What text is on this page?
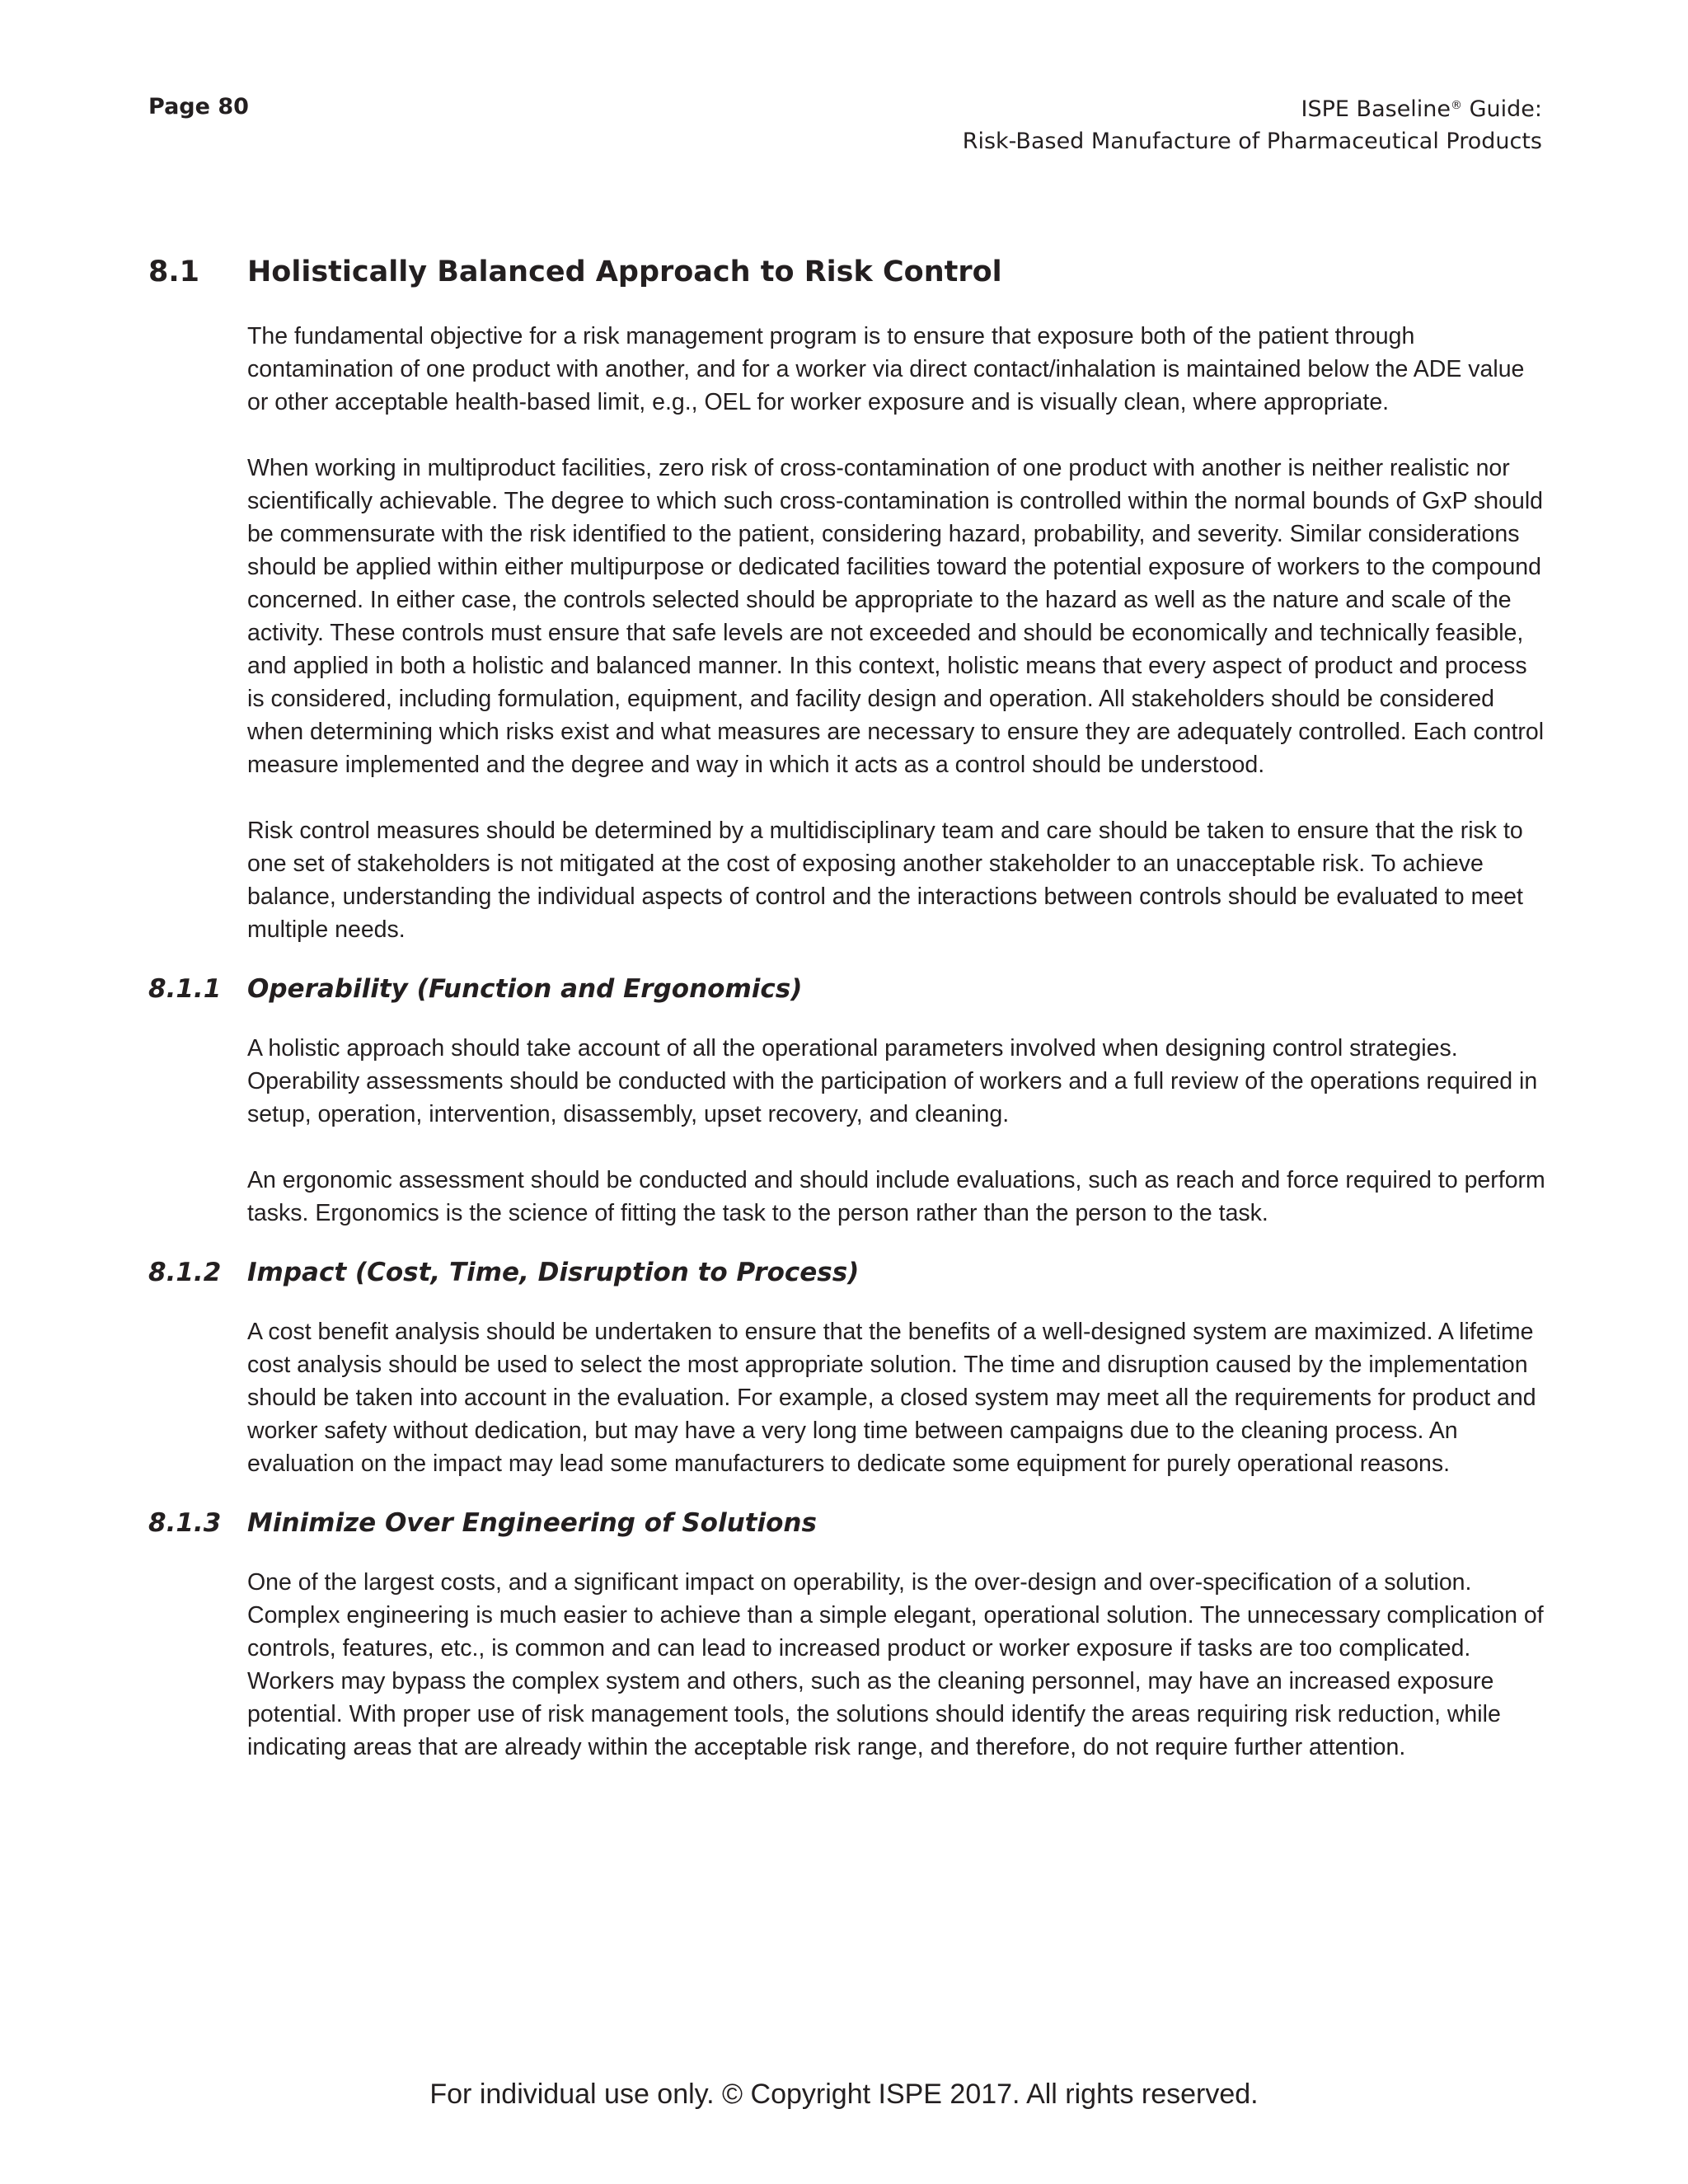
Page 80	ISPE Baseline® Guide:
Risk-Based Manufacture of Pharmaceutical Products
8.1	Holistically Balanced Approach to Risk Control

The fundamental objective for a risk management program is to ensure that exposure both of the patient through contamination of one product with another, and for a worker via direct contact/inhalation is maintained below the ADE value or other acceptable health-based limit, e.g., OEL for worker exposure and is visually clean, where appropriate.

When working in multiproduct facilities, zero risk of cross-contamination of one product with another is neither realistic nor scientifically achievable. The degree to which such cross-contamination is controlled within the normal bounds of GxP should be commensurate with the risk identified to the patient, considering hazard, probability, and severity. Similar considerations should be applied within either multipurpose or dedicated facilities toward the potential exposure of workers to the compound concerned. In either case, the controls selected should be appropriate to the hazard as well as the nature and scale of the activity. These controls must ensure that safe levels are not exceeded and should be economically and technically feasible, and applied in both a holistic and balanced manner. In this context, holistic means that every aspect of product and process is considered, including formulation, equipment, and facility design and operation. All stakeholders should be considered when determining which risks exist and what measures are necessary to ensure they are adequately controlled. Each control measure implemented and the degree and way in which it acts as a control should be understood.

Risk control measures should be determined by a multidisciplinary team and care should be taken to ensure that the risk to one set of stakeholders is not mitigated at the cost of exposing another stakeholder to an unacceptable risk. To achieve balance, understanding the individual aspects of control and the interactions between controls should be evaluated to meet multiple needs.

8.1.1	Operability (Function and Ergonomics)

A holistic approach should take account of all the operational parameters involved when designing control strategies. Operability assessments should be conducted with the participation of workers and a full review of the operations required in setup, operation, intervention, disassembly, upset recovery, and cleaning.

An ergonomic assessment should be conducted and should include evaluations, such as reach and force required to perform tasks. Ergonomics is the science of fitting the task to the person rather than the person to the task.

8.1.2	Impact (Cost, Time, Disruption to Process)

A cost benefit analysis should be undertaken to ensure that the benefits of a well-designed system are maximized. A lifetime cost analysis should be used to select the most appropriate solution. The time and disruption caused by the implementation should be taken into account in the evaluation. For example, a closed system may meet all the requirements for product and worker safety without dedication, but may have a very long time between campaigns due to the cleaning process. An evaluation on the impact may lead some manufacturers to dedicate some equipment for purely operational reasons.

8.1.3	Minimize Over Engineering of Solutions

One of the largest costs, and a significant impact on operability, is the over-design and over-specification of a solution. Complex engineering is much easier to achieve than a simple elegant, operational solution. The unnecessary complication of controls, features, etc., is common and can lead to increased product or worker exposure if tasks are too complicated. Workers may bypass the complex system and others, such as the cleaning personnel, may have an increased exposure potential. With proper use of risk management tools, the solutions should identify the areas requiring risk reduction, while indicating areas that are already within the acceptable risk range, and therefore, do not require further attention.

For individual use only. © Copyright ISPE 2017. All rights reserved.
